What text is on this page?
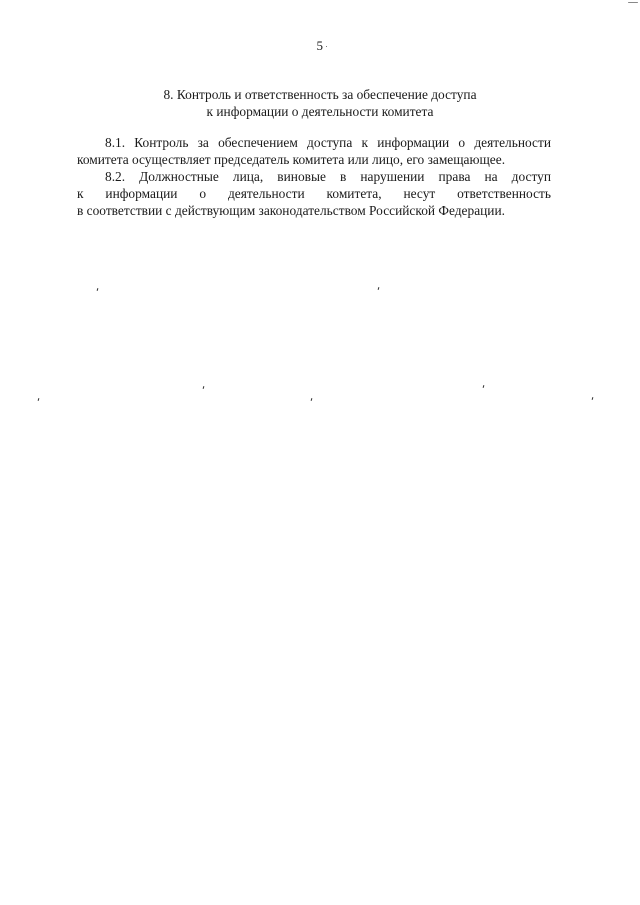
5
8. Контроль и ответственность за обеспечение доступа
к информации о деятельности комитета
8.1. Контроль за обеспечением доступа к информации о деятельности
комитета осуществляет председатель комитета или лицо, его замещающее.
8.2. Должностные лица, виновые в нарушении права на доступ
к информации о деятельности комитета, несут ответственность
в соответствии с действующим законодательством Российской Федерации.
